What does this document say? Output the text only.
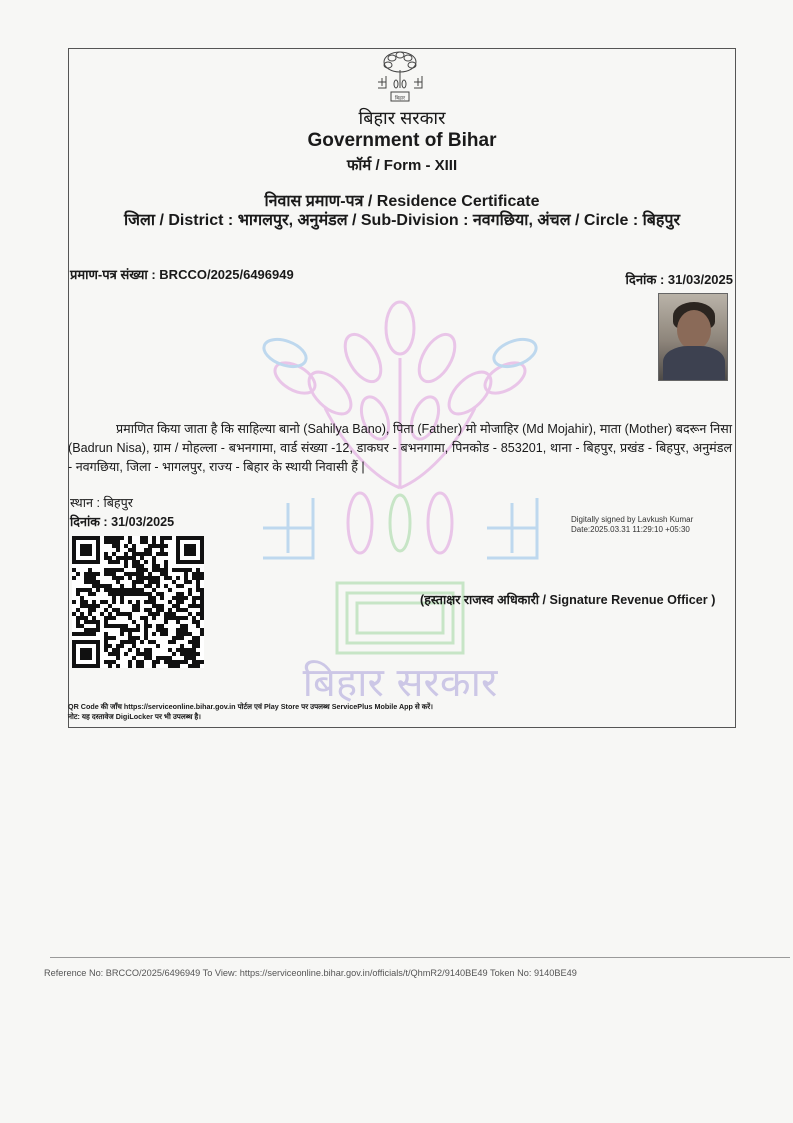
बिहार
बिहार सरकार
Government of Bihar
फॉर्म / Form - XIII
निवास प्रमाण-पत्र / Residence Certificate
जिला / District : भागलपुर, अनुमंडल / Sub-Division : नवगछिया, अंचल / Circle : बिहपुर
प्रमाण-पत्र संख्या : BRCCO/2025/6496949	दिनांक : 31/03/2025
बिहार सरकार
प्रमाणित किया जाता है कि साहिल्या बानो (Sahilya Bano), पिता (Father) मो मोजाहिर (Md Mojahir), माता (Mother) बदरून निसा (Badrun Nisa), ग्राम / मोहल्ला - बभनगामा, वार्ड संख्या -12, डाकघर - बभनगामा, पिनकोड - 853201, थाना - बिहपुर, प्रखंड - बिहपुर, अनुमंडल - नवगछिया, जिला - भागलपुर, राज्य - बिहार के स्थायी निवासी हैं |
स्थान : बिहपुर
दिनांक : 31/03/2025	Digitally signed by Lavkush Kumar
Date:2025.03.31 11:29:10 +05:30
(हस्ताक्षर राजस्व अधिकारी / Signature Revenue Officer )
QR Code की जाँच https://serviceonline.bihar.gov.in पोर्टल एवं Play Store पर उपलब्ध ServicePlus Mobile App से करें।
नोट: यह दस्तावेज DigiLocker पर भी उपलब्ध है।
Reference No: BRCCO/2025/6496949 To View: https://serviceonline.bihar.gov.in/officials/t/QhmR2/9140BE49 Token No: 9140BE49
